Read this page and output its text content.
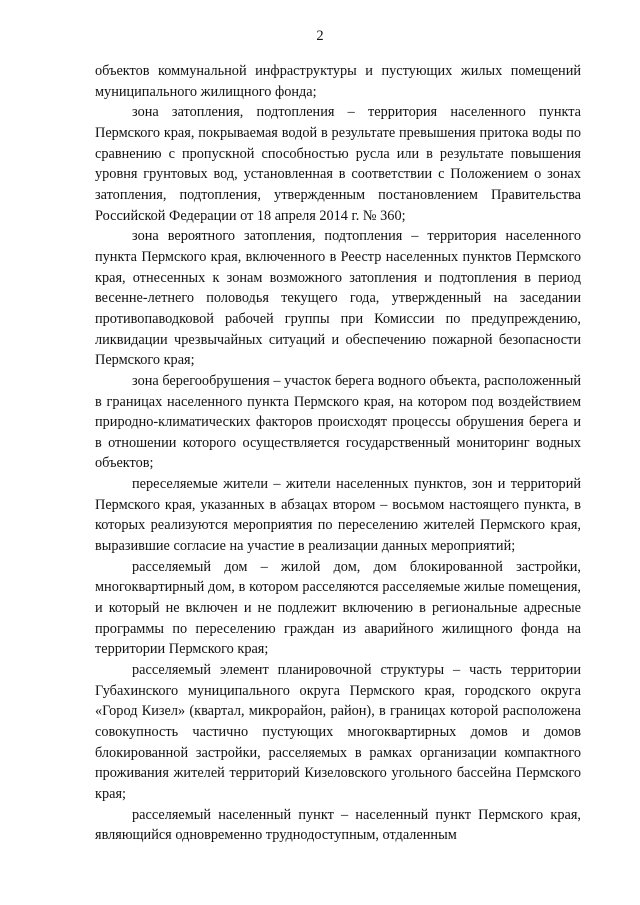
2

объектов коммунальной инфраструктуры и пустующих жилых помещений муниципального жилищного фонда;

зона затопления, подтопления – территория населенного пункта Пермского края, покрываемая водой в результате превышения притока воды по сравнению с пропускной способностью русла или в результате повышения уровня грунтовых вод, установленная в соответствии с Положением о зонах затопления, подтопления, утвержденным постановлением Правительства Российской Федерации от 18 апреля 2014 г. № 360;

зона вероятного затопления, подтопления – территория населенного пункта Пермского края, включенного в Реестр населенных пунктов Пермского края, отнесенных к зонам возможного затопления и подтопления в период весенне-летнего половодья текущего года, утвержденный на заседании противопаводковой рабочей группы при Комиссии по предупреждению, ликвидации чрезвычайных ситуаций и обеспечению пожарной безопасности Пермского края;

зона берегообрушения – участок берега водного объекта, расположенный в границах населенного пункта Пермского края, на котором под воздействием природно-климатических факторов происходят процессы обрушения берега и в отношении которого осуществляется государственный мониторинг водных объектов;

переселяемые жители – жители населенных пунктов, зон и территорий Пермского края, указанных в абзацах втором – восьмом настоящего пункта, в которых реализуются мероприятия по переселению жителей Пермского края, выразившие согласие на участие в реализации данных мероприятий;

расселяемый дом – жилой дом, дом блокированной застройки, многоквартирный дом, в котором расселяются расселяемые жилые помещения, и который не включен и не подлежит включению в региональные адресные программы по переселению граждан из аварийного жилищного фонда на территории Пермского края;

расселяемый элемент планировочной структуры – часть территории Губахинского муниципального округа Пермского края, городского округа «Город Кизел» (квартал, микрорайон, район), в границах которой расположена совокупность частично пустующих многоквартирных домов и домов блокированной застройки, расселяемых в рамках организации компактного проживания жителей территорий Кизеловского угольного бассейна Пермского края;

расселяемый населенный пункт – населенный пункт Пермского края, являющийся одновременно труднодоступным, отдаленным
